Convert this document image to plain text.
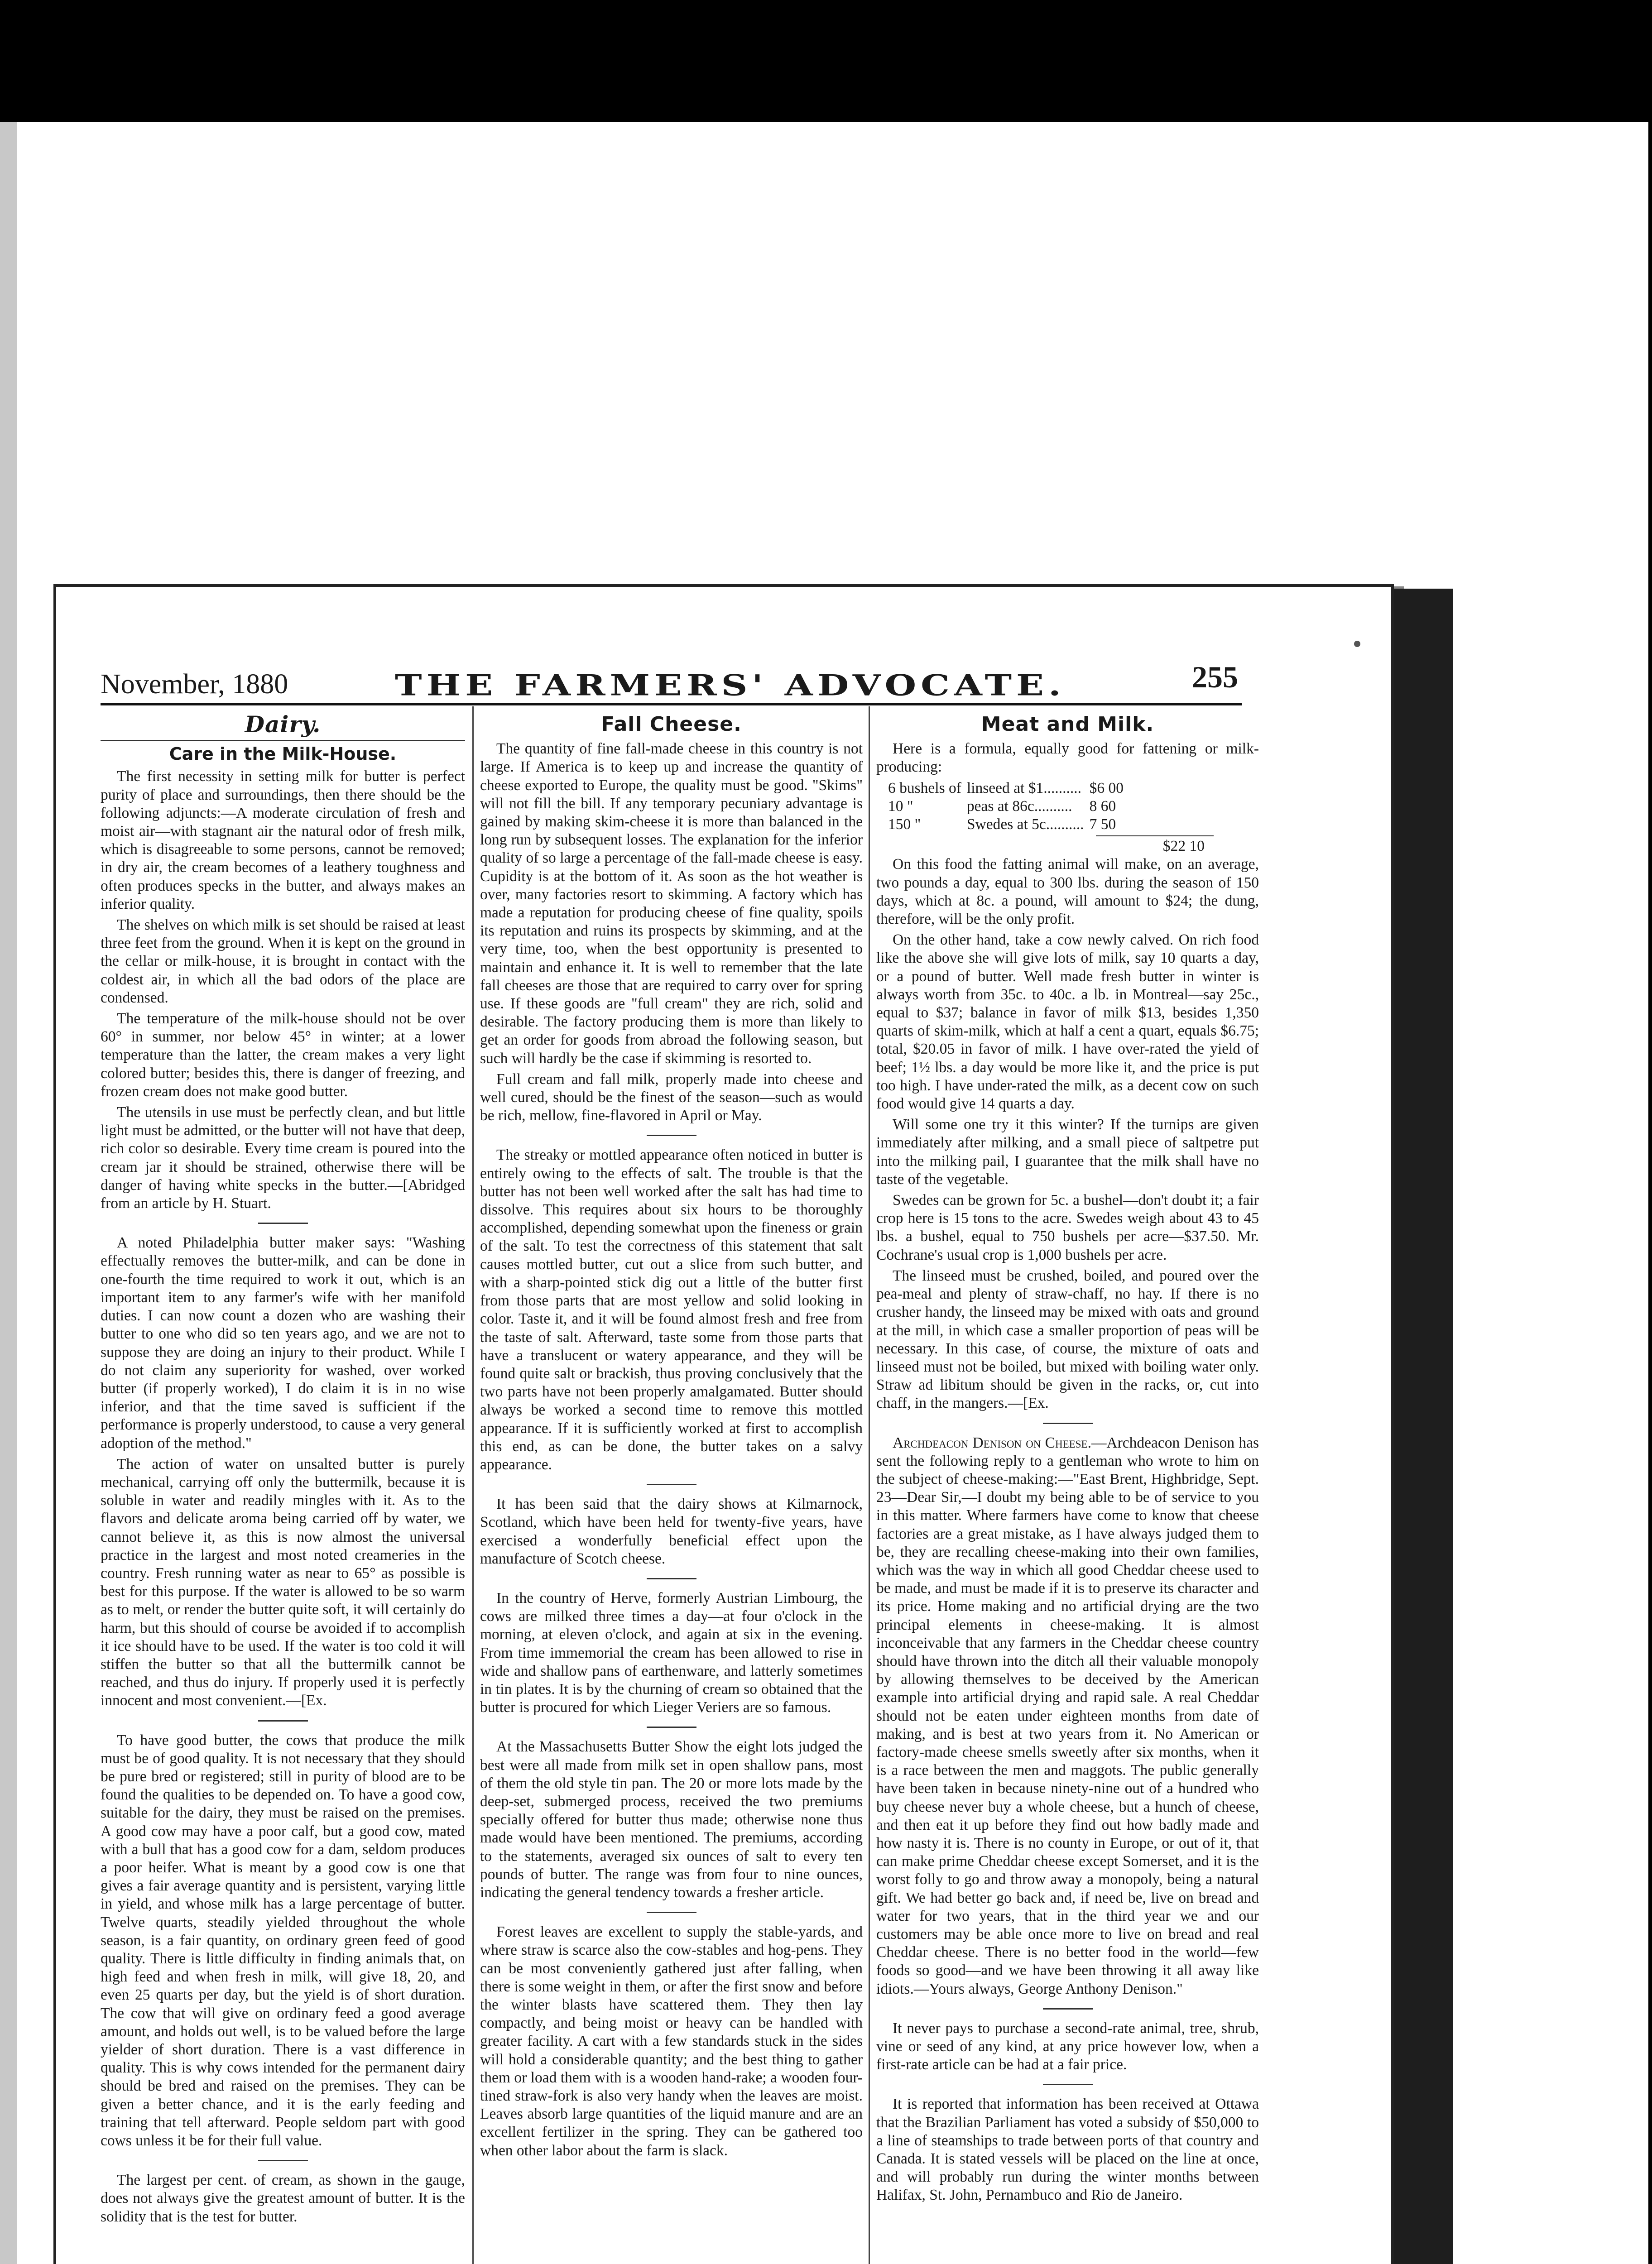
November, 1880	THE FARMERS' ADVOCATE.	255
Dairy.
Care in the Milk-House.

The first necessity in setting milk for butter is perfect purity of place and surroundings, then there should be the following adjuncts:—A moderate circulation of fresh and moist air—with stagnant air the natural odor of fresh milk, which is disagreeable to some persons, cannot be removed; in dry air, the cream becomes of a leathery toughness and often produces specks in the butter, and always makes an inferior quality.

The shelves on which milk is set should be raised at least three feet from the ground. When it is kept on the ground in the cellar or milk-house, it is brought in contact with the coldest air, in which all the bad odors of the place are condensed.

The temperature of the milk-house should not be over 60° in summer, nor below 45° in winter; at a lower temperature than the latter, the cream makes a very light colored butter; besides this, there is danger of freezing, and frozen cream does not make good butter.

The utensils in use must be perfectly clean, and but little light must be admitted, or the butter will not have that deep, rich color so desirable. Every time cream is poured into the cream jar it should be strained, otherwise there will be danger of having white specks in the butter.—[Abridged from an article by H. Stuart.

A noted Philadelphia butter maker says: "Washing effectually removes the butter-milk, and can be done in one-fourth the time required to work it out, which is an important item to any farmer's wife with her manifold duties. I can now count a dozen who are washing their butter to one who did so ten years ago, and we are not to suppose they are doing an injury to their product. While I do not claim any superiority for washed, over worked butter (if properly worked), I do claim it is in no wise inferior, and that the time saved is sufficient if the performance is properly understood, to cause a very general adoption of the method."

The action of water on unsalted butter is purely mechanical, carrying off only the buttermilk, because it is soluble in water and readily mingles with it. As to the flavors and delicate aroma being carried off by water, we cannot believe it, as this is now almost the universal practice in the largest and most noted creameries in the country. Fresh running water as near to 65° as possible is best for this purpose. If the water is allowed to be so warm as to melt, or render the butter quite soft, it will certainly do harm, but this should of course be avoided if to accomplish it ice should have to be used. If the water is too cold it will stiffen the butter so that all the buttermilk cannot be reached, and thus do injury. If properly used it is perfectly innocent and most convenient.—[Ex.

To have good butter, the cows that produce the milk must be of good quality. It is not necessary that they should be pure bred or registered; still in purity of blood are to be found the qualities to be depended on. To have a good cow, suitable for the dairy, they must be raised on the premises. A good cow may have a poor calf, but a good cow, mated with a bull that has a good cow for a dam, seldom produces a poor heifer. What is meant by a good cow is one that gives a fair average quantity and is persistent, varying little in yield, and whose milk has a large percentage of butter. Twelve quarts, steadily yielded throughout the whole season, is a fair quantity, on ordinary green feed of good quality. There is little difficulty in finding animals that, on high feed and when fresh in milk, will give 18, 20, and even 25 quarts per day, but the yield is of short duration. The cow that will give on ordinary feed a good average amount, and holds out well, is to be valued before the large yielder of short duration. There is a vast difference in quality. This is why cows intended for the permanent dairy should be bred and raised on the premises. They can be given a better chance, and it is the early feeding and training that tell afterward. People seldom part with good cows unless it be for their full value.

The largest per cent. of cream, as shown in the gauge, does not always give the greatest amount of butter. It is the solidity that is the test for butter.

Fall Cheese.

The quantity of fine fall-made cheese in this country is not large. If America is to keep up and increase the quantity of cheese exported to Europe, the quality must be good. "Skims" will not fill the bill. If any temporary pecuniary advantage is gained by making skim-cheese it is more than balanced in the long run by subsequent losses. The explanation for the inferior quality of so large a percentage of the fall-made cheese is easy. Cupidity is at the bottom of it. As soon as the hot weather is over, many factories resort to skimming. A factory which has made a reputation for producing cheese of fine quality, spoils its reputation and ruins its prospects by skimming, and at the very time, too, when the best opportunity is presented to maintain and enhance it. It is well to remember that the late fall cheeses are those that are required to carry over for spring use. If these goods are "full cream" they are rich, solid and desirable. The factory producing them is more than likely to get an order for goods from abroad the following season, but such will hardly be the case if skimming is resorted to.

Full cream and fall milk, properly made into cheese and well cured, should be the finest of the season—such as would be rich, mellow, fine-flavored in April or May.

The streaky or mottled appearance often noticed in butter is entirely owing to the effects of salt. The trouble is that the butter has not been well worked after the salt has had time to dissolve. This requires about six hours to be thoroughly accomplished, depending somewhat upon the fineness or grain of the salt. To test the correctness of this statement that salt causes mottled butter, cut out a slice from such butter, and with a sharp-pointed stick dig out a little of the butter first from those parts that are most yellow and solid looking in color. Taste it, and it will be found almost fresh and free from the taste of salt. Afterward, taste some from those parts that have a translucent or watery appearance, and they will be found quite salt or brackish, thus proving conclusively that the two parts have not been properly amalgamated. Butter should always be worked a second time to remove this mottled appearance. If it is sufficiently worked at first to accomplish this end, as can be done, the butter takes on a salvy appearance.

It has been said that the dairy shows at Kilmarnock, Scotland, which have been held for twenty-five years, have exercised a wonderfully beneficial effect upon the manufacture of Scotch cheese.

In the country of Herve, formerly Austrian Limbourg, the cows are milked three times a day—at four o'clock in the morning, at eleven o'clock, and again at six in the evening. From time immemorial the cream has been allowed to rise in wide and shallow pans of earthenware, and latterly sometimes in tin plates. It is by the churning of cream so obtained that the butter is procured for which Lieger Veriers are so famous.

At the Massachusetts Butter Show the eight lots judged the best were all made from milk set in open shallow pans, most of them the old style tin pan. The 20 or more lots made by the deep-set, submerged process, received the two premiums specially offered for butter thus made; otherwise none thus made would have been mentioned. The premiums, according to the statements, averaged six ounces of salt to every ten pounds of butter. The range was from four to nine ounces, indicating the general tendency towards a fresher article.

Forest leaves are excellent to supply the stable-yards, and where straw is scarce also the cow-stables and hog-pens. They can be most conveniently gathered just after falling, when there is some weight in them, or after the first snow and before the winter blasts have scattered them. They then lay compactly, and being moist or heavy can be handled with greater facility. A cart with a few standards stuck in the sides will hold a considerable quantity; and the best thing to gather them or load them with is a wooden hand-rake; a wooden four-tined straw-fork is also very handy when the leaves are moist. Leaves absorb large quantities of the liquid manure and are an excellent fertilizer in the spring. They can be gathered too when other labor about the farm is slack.

Meat and Milk.

Here is a formula, equally good for fattening or milk-producing:

6 bushels of	linseed at $1..........	$6 00
10 "	peas at 86c..........	8 60
150 "	Swedes at 5c..........	7 50
$22 10

On this food the fatting animal will make, on an average, two pounds a day, equal to 300 lbs. during the season of 150 days, which at 8c. a pound, will amount to $24; the dung, therefore, will be the only profit.

On the other hand, take a cow newly calved. On rich food like the above she will give lots of milk, say 10 quarts a day, or a pound of butter. Well made fresh butter in winter is always worth from 35c. to 40c. a lb. in Montreal—say 25c., equal to $37; balance in favor of milk $13, besides 1,350 quarts of skim-milk, which at half a cent a quart, equals $6.75; total, $20.05 in favor of milk. I have over-rated the yield of beef; 1½ lbs. a day would be more like it, and the price is put too high. I have under-rated the milk, as a decent cow on such food would give 14 quarts a day.

Will some one try it this winter? If the turnips are given immediately after milking, and a small piece of saltpetre put into the milking pail, I guarantee that the milk shall have no taste of the vegetable.

Swedes can be grown for 5c. a bushel—don't doubt it; a fair crop here is 15 tons to the acre. Swedes weigh about 43 to 45 lbs. a bushel, equal to 750 bushels per acre—$37.50. Mr. Cochrane's usual crop is 1,000 bushels per acre.

The linseed must be crushed, boiled, and poured over the pea-meal and plenty of straw-chaff, no hay. If there is no crusher handy, the linseed may be mixed with oats and ground at the mill, in which case a smaller proportion of peas will be necessary. In this case, of course, the mixture of oats and linseed must not be boiled, but mixed with boiling water only. Straw ad libitum should be given in the racks, or, cut into chaff, in the mangers.—[Ex.

Archdeacon Denison on Cheese.—Archdeacon Denison has sent the following reply to a gentleman who wrote to him on the subject of cheese-making:—"East Brent, Highbridge, Sept. 23—Dear Sir,—I doubt my being able to be of service to you in this matter. Where farmers have come to know that cheese factories are a great mistake, as I have always judged them to be, they are recalling cheese-making into their own families, which was the way in which all good Cheddar cheese used to be made, and must be made if it is to preserve its character and its price. Home making and no artificial drying are the two principal elements in cheese-making. It is almost inconceivable that any farmers in the Cheddar cheese country should have thrown into the ditch all their valuable monopoly by allowing themselves to be deceived by the American example into artificial drying and rapid sale. A real Cheddar should not be eaten under eighteen months from date of making, and is best at two years from it. No American or factory-made cheese smells sweetly after six months, when it is a race between the men and maggots. The public generally have been taken in because ninety-nine out of a hundred who buy cheese never buy a whole cheese, but a hunch of cheese, and then eat it up before they find out how badly made and how nasty it is. There is no county in Europe, or out of it, that can make prime Cheddar cheese except Somerset, and it is the worst folly to go and throw away a monopoly, being a natural gift. We had better go back and, if need be, live on bread and water for two years, that in the third year we and our customers may be able once more to live on bread and real Cheddar cheese. There is no better food in the world—few foods so good—and we have been throwing it all away like idiots.—Yours always, George Anthony Denison."

It never pays to purchase a second-rate animal, tree, shrub, vine or seed of any kind, at any price however low, when a first-rate article can be had at a fair price.

It is reported that information has been received at Ottawa that the Brazilian Parliament has voted a subsidy of $50,000 to a line of steamships to trade between ports of that country and Canada. It is stated vessels will be placed on the line at once, and will probably run during the winter months between Halifax, St. John, Pernambuco and Rio de Janeiro.
